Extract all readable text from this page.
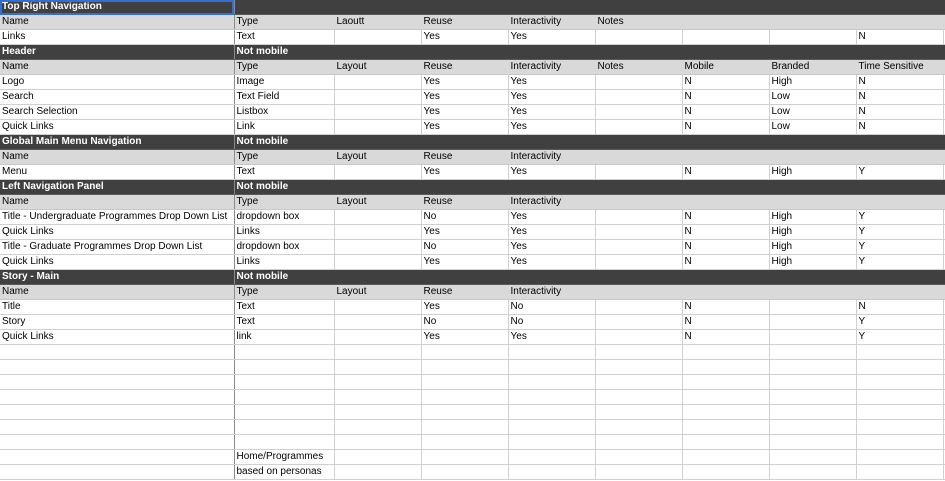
Top Right Navigation									
Name	Type	Laoutt	Reuse	Interactivity	Notes				
Links	Text		Yes	Yes				N	
Header	Not mobile								
Name	Type	Layout	Reuse	Interactivity	Notes	Mobile	Branded	Time Sensitive	
Logo	Image		Yes	Yes		N	High	N	
Search	Text Field		Yes	Yes		N	Low	N	
Search Selection	Listbox		Yes	Yes		N	Low	N	
Quick Links	Link		Yes	Yes		N	Low	N	
Global Main Menu Navigation	Not mobile								
Name	Type	Layout	Reuse	Interactivity					
Menu	Text		Yes	Yes		N	High	Y	
Left Navigation Panel	Not mobile								
Name	Type	Layout	Reuse	Interactivity					
Title - Undergraduate Programmes Drop Down List	dropdown box		No	Yes		N	High	Y	
Quick Links	Links		Yes	Yes		N	High	Y	
Title - Graduate Programmes Drop Down List	dropdown box		No	Yes		N	High	Y	
Quick Links	Links		Yes	Yes		N	High	Y	
Story - Main	Not mobile								
Name	Type	Layout	Reuse	Interactivity					
Title	Text		Yes	No		N		N	
Story	Text		No	No		N		Y	
Quick Links	link		Yes	Yes		N		Y	

	Home/Programmes								
	based on personas								
